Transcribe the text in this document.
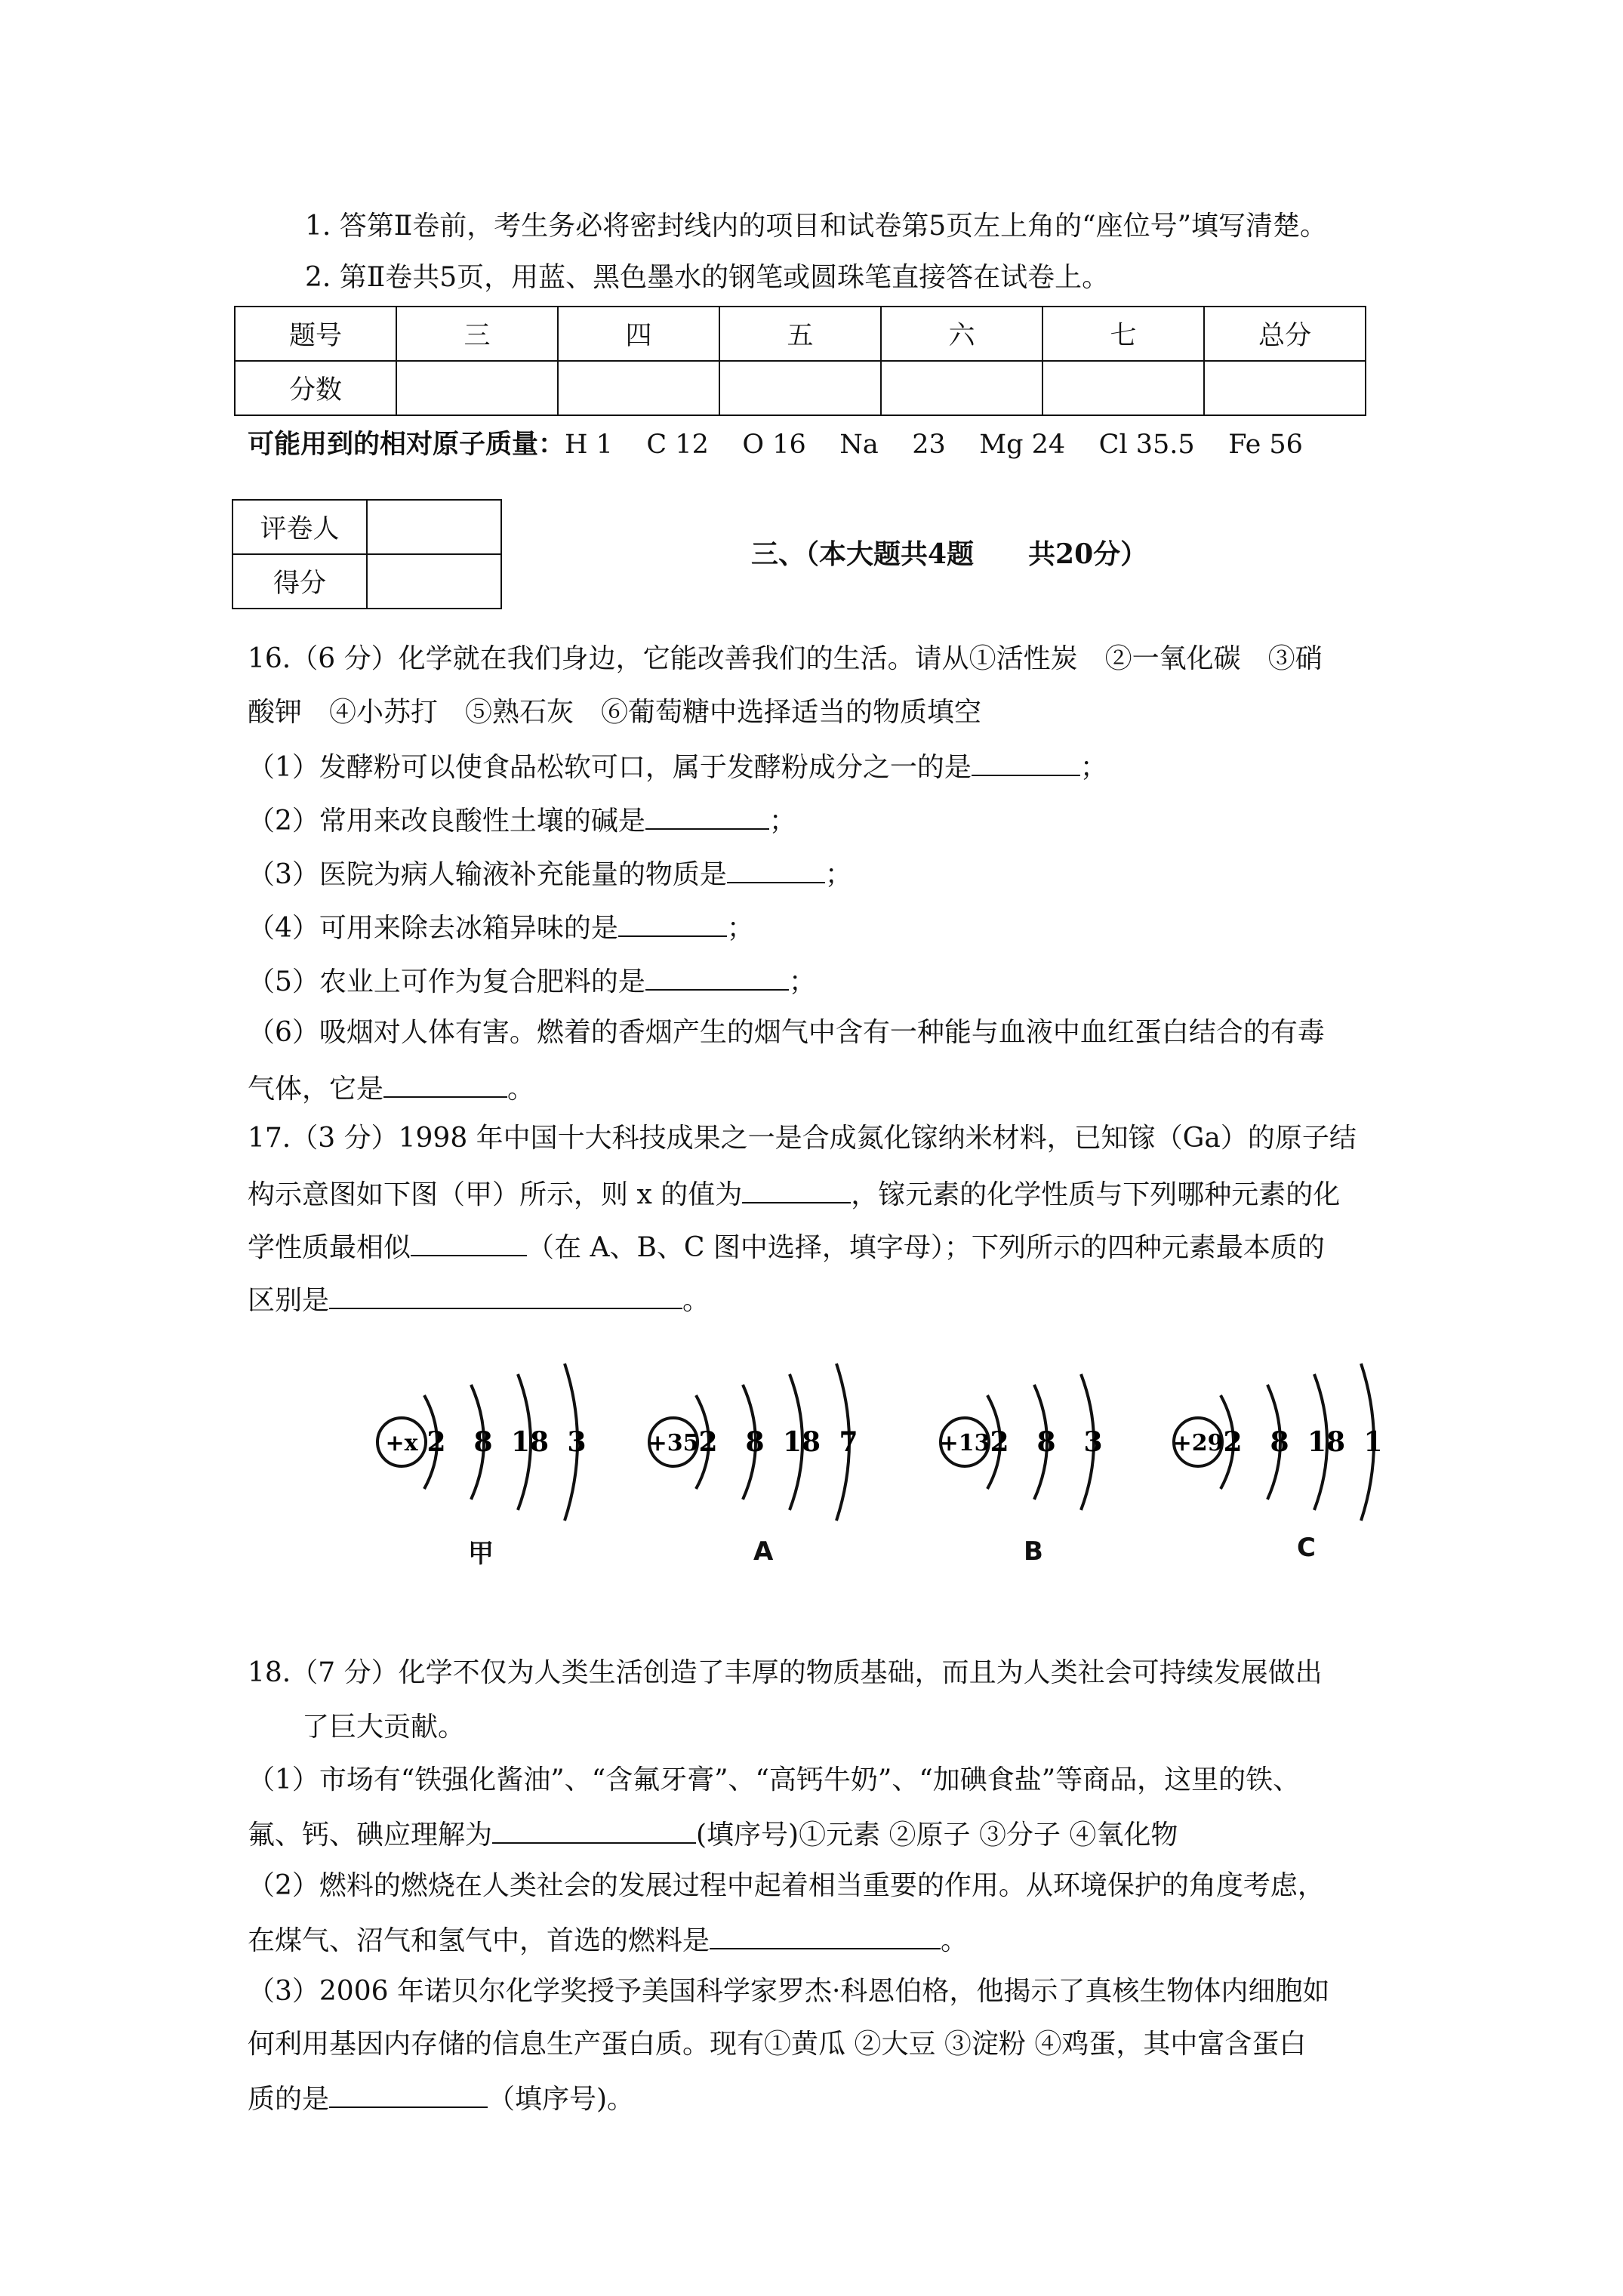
1. 答第Ⅱ卷前，考生务必将密封线内的项目和试卷第5页左上角的“座位号”填写清楚。
2. 第Ⅱ卷共5页，用蓝、黑色墨水的钢笔或圆珠笔直接答在试卷上。
题号	三	四	五	六	七	总分
分数						
可能用到的相对原子质量：H 1    C 12    O 16    Na    23    Mg 24    Cl 35.5    Fe 56
评卷人	
得分	
三、（本大题共4题　　共20分）
16.（6 分）化学就在我们身边，它能改善我们的生活。请从①活性炭　②一氧化碳　③硝
酸钾　④小苏打　⑤熟石灰　⑥葡萄糖中选择适当的物质填空
（1）发酵粉可以使食品松软可口，属于发酵粉成分之一的是	；
（2）常用来改良酸性土壤的碱是	；
（3）医院为病人输液补充能量的物质是	；
（4）可用来除去冰箱异味的是	；
（5）农业上可作为复合肥料的是	；
（6）吸烟对人体有害。燃着的香烟产生的烟气中含有一种能与血液中血红蛋白结合的有毒
气体，它是	。
17.（3 分）1998 年中国十大科技成果之一是合成氮化镓纳米材料，已知镓（Ga）的原子结
构示意图如下图（甲）所示，则 x 的值为	，镓元素的化学性质与下列哪种元素的化
学性质最相似	（在 A、B、C 图中选择，填字母）；下列所示的四种元素最本质的
区别是	。
+x 2 8 18 3	+35 2 8 18 7	+13 2 8 3	+29 2 8 18 1
甲	A	B	C
18.（7 分）化学不仅为人类生活创造了丰厚的物质基础，而且为人类社会可持续发展做出
了巨大贡献。
（1）市场有“铁强化酱油”、“含氟牙膏”、“高钙牛奶”、“加碘食盐”等商品，这里的铁、
氟、钙、碘应理解为	(填序号)①元素 ②原子 ③分子 ④氧化物
（2）燃料的燃烧在人类社会的发展过程中起着相当重要的作用。从环境保护的角度考虑，
在煤气、沼气和氢气中，首选的燃料是	。
（3）2006 年诺贝尔化学奖授予美国科学家罗杰·科恩伯格，他揭示了真核生物体内细胞如
何利用基因内存储的信息生产蛋白质。现有①黄瓜 ②大豆 ③淀粉 ④鸡蛋，其中富含蛋白
质的是	（填序号)。
